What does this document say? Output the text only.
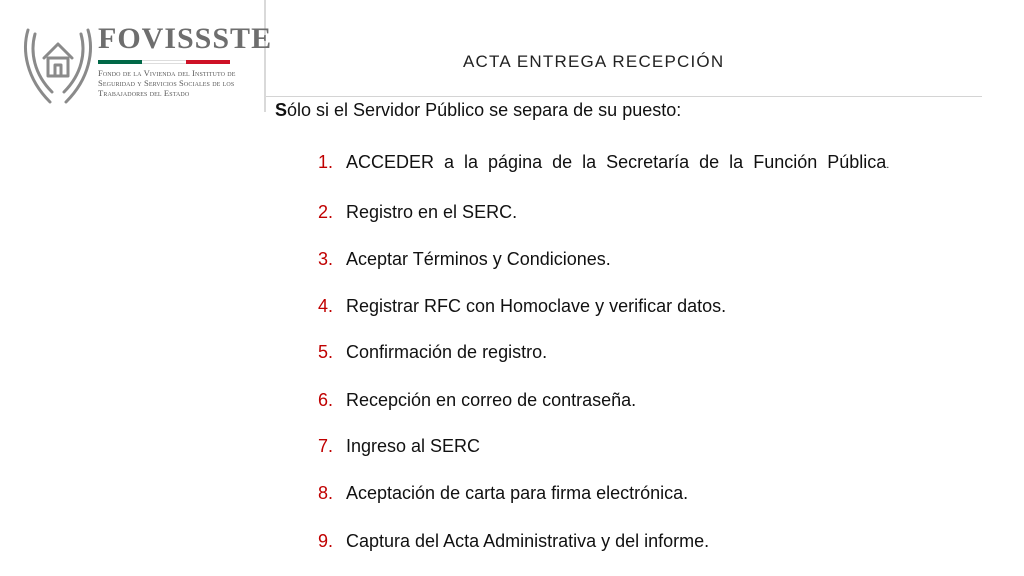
FOVISSSTE

Fondo de la Vivienda del Instituto de Seguridad y Servicios Sociales de los Trabajadores del Estado

ACTA ENTREGA RECEPCIÓN

Sólo si el Servidor Público se separa de su puesto:

1. ACCEDER a la página de la Secretaría de la Función Pública.
2. Registro en el SERC.
3. Aceptar Términos y Condiciones.
4. Registrar RFC con Homoclave y verificar datos.
5. Confirmación de registro.
6. Recepción en correo de contraseña.
7. Ingreso al SERC
8. Aceptación de carta para firma electrónica.
9. Captura del Acta Administrativa y del informe.
